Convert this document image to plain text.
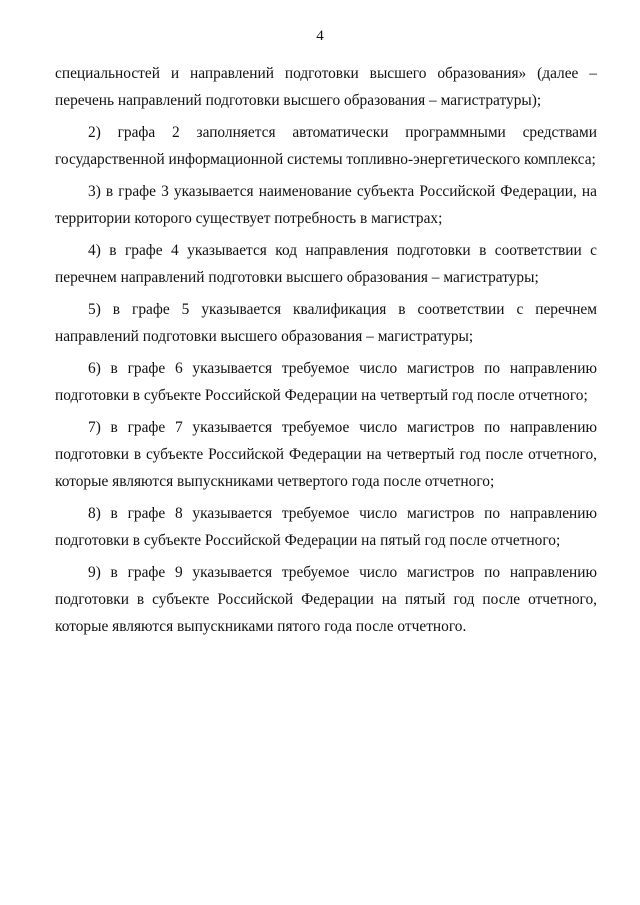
4

специальностей и направлений подготовки высшего образования» (далее – перечень направлений подготовки высшего образования – магистратуры);

2) графа 2 заполняется автоматически программными средствами государственной информационной системы топливно-энергетического комплекса;

3) в графе 3 указывается наименование субъекта Российской Федерации, на территории которого существует потребность в магистрах;

4) в графе 4 указывается код направления подготовки в соответствии с перечнем направлений подготовки высшего образования – магистратуры;

5) в графе 5 указывается квалификация в соответствии с перечнем направлений подготовки высшего образования – магистратуры;

6) в графе 6 указывается требуемое число магистров по направлению подготовки в субъекте Российской Федерации на четвертый год после отчетного;

7) в графе 7 указывается требуемое число магистров по направлению подготовки в субъекте Российской Федерации на четвертый год после отчетного, которые являются выпускниками четвертого года после отчетного;

8) в графе 8 указывается требуемое число магистров по направлению подготовки в субъекте Российской Федерации на пятый год после отчетного;

9) в графе 9 указывается требуемое число магистров по направлению подготовки в субъекте Российской Федерации на пятый год после отчетного, которые являются выпускниками пятого года после отчетного.
